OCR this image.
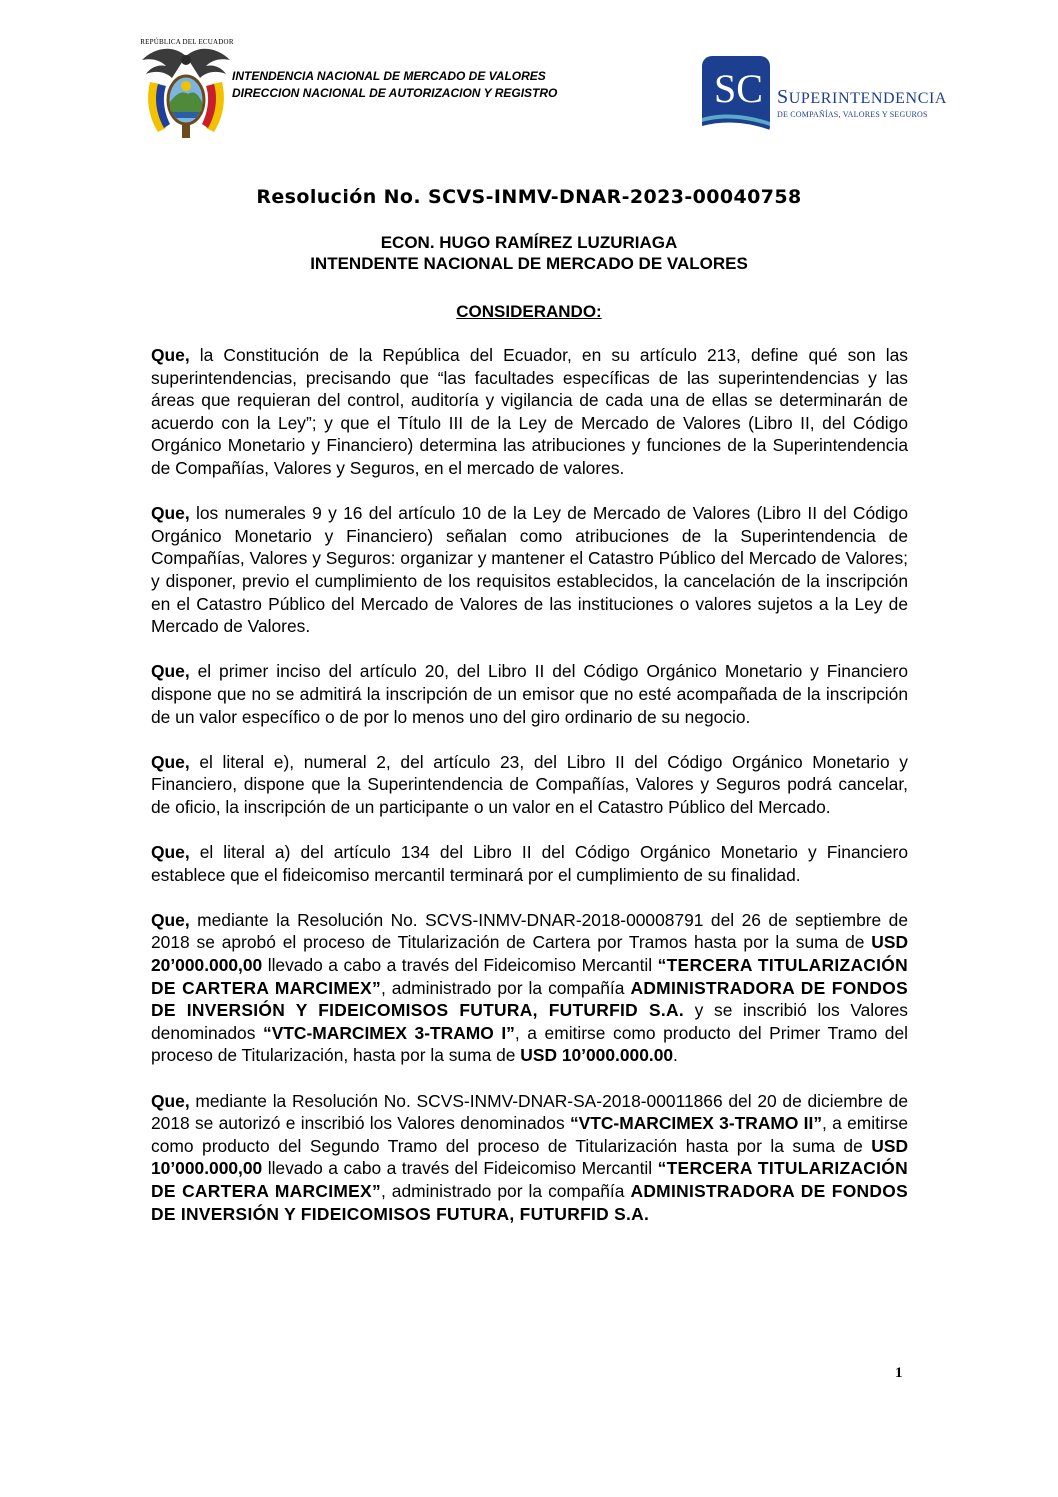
REPÚBLICA DEL ECUADOR
INTENDENCIA NACIONAL DE MERCADO DE VALORES
DIRECCION NACIONAL DE AUTORIZACION Y REGISTRO	SC SUPERINTENDENCIA
DE COMPAÑÍAS, VALORES Y SEGUROS
Resolución No. SCVS-INMV-DNAR-2023-00040758
ECON. HUGO RAMÍREZ LUZURIAGA
INTENDENTE NACIONAL DE MERCADO DE VALORES
CONSIDERANDO:

Que, la Constitución de la República del Ecuador, en su artículo 213, define qué son las superintendencias, precisando que “las facultades específicas de las superintendencias y las áreas que requieran del control, auditoría y vigilancia de cada una de ellas se determinarán de acuerdo con la Ley”; y que el Título III de la Ley de Mercado de Valores (Libro II, del Código Orgánico Monetario y Financiero) determina las atribuciones y funciones de la Superintendencia de Compañías, Valores y Seguros, en el mercado de valores.

Que, los numerales 9 y 16 del artículo 10 de la Ley de Mercado de Valores (Libro II del Código Orgánico Monetario y Financiero) señalan como atribuciones de la Superintendencia de Compañías, Valores y Seguros: organizar y mantener el Catastro Público del Mercado de Valores; y disponer, previo el cumplimiento de los requisitos establecidos, la cancelación de la inscripción en el Catastro Público del Mercado de Valores de las instituciones o valores sujetos a la Ley de Mercado de Valores.

Que, el primer inciso del artículo 20, del Libro II del Código Orgánico Monetario y Financiero dispone que no se admitirá la inscripción de un emisor que no esté acompañada de la inscripción de un valor específico o de por lo menos uno del giro ordinario de su negocio.

Que, el literal e), numeral 2, del artículo 23, del Libro II del Código Orgánico Monetario y Financiero, dispone que la Superintendencia de Compañías, Valores y Seguros podrá cancelar, de oficio, la inscripción de un participante o un valor en el Catastro Público del Mercado.

Que, el literal a) del artículo 134 del Libro II del Código Orgánico Monetario y Financiero establece que el fideicomiso mercantil terminará por el cumplimiento de su finalidad.

Que, mediante la Resolución No. SCVS-INMV-DNAR-2018-00008791 del 26 de septiembre de 2018 se aprobó el proceso de Titularización de Cartera por Tramos hasta por la suma de USD 20’000.000,00 llevado a cabo a través del Fideicomiso Mercantil “TERCERA TITULARIZACIÓN DE CARTERA MARCIMEX”, administrado por la compañía ADMINISTRADORA DE FONDOS DE INVERSIÓN Y FIDEICOMISOS FUTURA, FUTURFID S.A. y se inscribió los Valores denominados “VTC-MARCIMEX 3-TRAMO I”, a emitirse como producto del Primer Tramo del proceso de Titularización, hasta por la suma de USD 10’000.000.00.

Que, mediante la Resolución No. SCVS-INMV-DNAR-SA-2018-00011866 del 20 de diciembre de 2018 se autorizó e inscribió los Valores denominados “VTC-MARCIMEX 3-TRAMO II”, a emitirse como producto del Segundo Tramo del proceso de Titularización hasta por la suma de USD 10’000.000,00 llevado a cabo a través del Fideicomiso Mercantil “TERCERA TITULARIZACIÓN DE CARTERA MARCIMEX”, administrado por la compañía ADMINISTRADORA DE FONDOS DE INVERSIÓN Y FIDEICOMISOS FUTURA, FUTURFID S.A.

1
